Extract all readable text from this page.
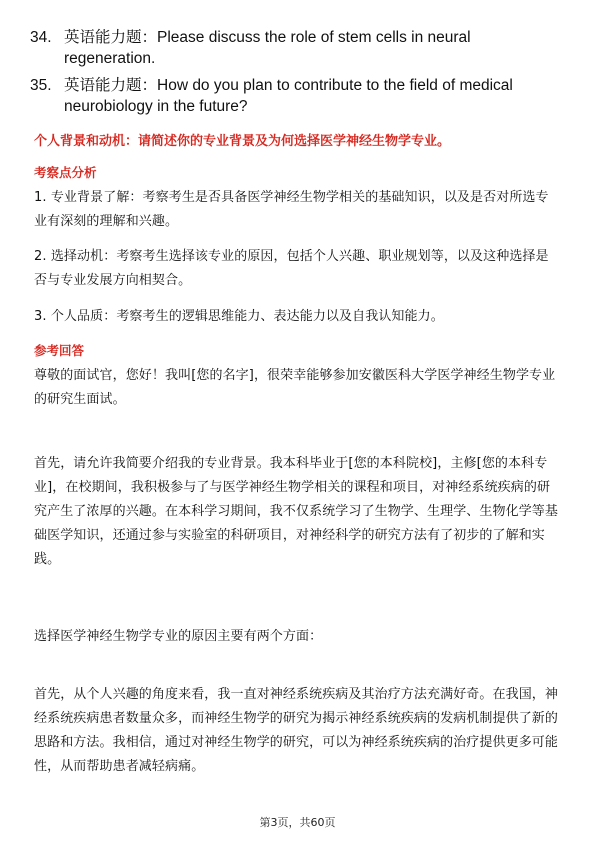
34. 英语能力题：Please discuss the role of stem cells in neural regeneration.
35. 英语能力题：How do you plan to contribute to the field of medical neurobiology in the future?
个人背景和动机：请简述你的专业背景及为何选择医学神经生物学专业。
考察点分析
1. 专业背景了解：考察考生是否具备医学神经生物学相关的基础知识，以及是否对所选专业有深刻的理解和兴趣。
2. 选择动机：考察考生选择该专业的原因，包括个人兴趣、职业规划等，以及这种选择是否与专业发展方向相契合。
3. 个人品质：考察考生的逻辑思维能力、表达能力以及自我认知能力。
参考回答
尊敬的面试官，您好！我叫[您的名字]，很荣幸能够参加安徽医科大学医学神经生物学专业的研究生面试。
首先，请允许我简要介绍我的专业背景。我本科毕业于[您的本科院校]，主修[您的本科专业]，在校期间，我积极参与了与医学神经生物学相关的课程和项目，对神经系统疾病的研究产生了浓厚的兴趣。在本科学习期间，我不仅系统学习了生物学、生理学、生物化学等基础医学知识，还通过参与实验室的科研项目，对神经科学的研究方法有了初步的了解和实践。
选择医学神经生物学专业的原因主要有两个方面：
首先，从个人兴趣的角度来看，我一直对神经系统疾病及其治疗方法充满好奇。在我国，神经系统疾病患者数量众多，而神经生物学的研究为揭示神经系统疾病的发病机制提供了新的思路和方法。我相信，通过对神经生物学的研究，可以为神经系统疾病的治疗提供更多可能性，从而帮助患者减轻病痛。
第3页，共60页
